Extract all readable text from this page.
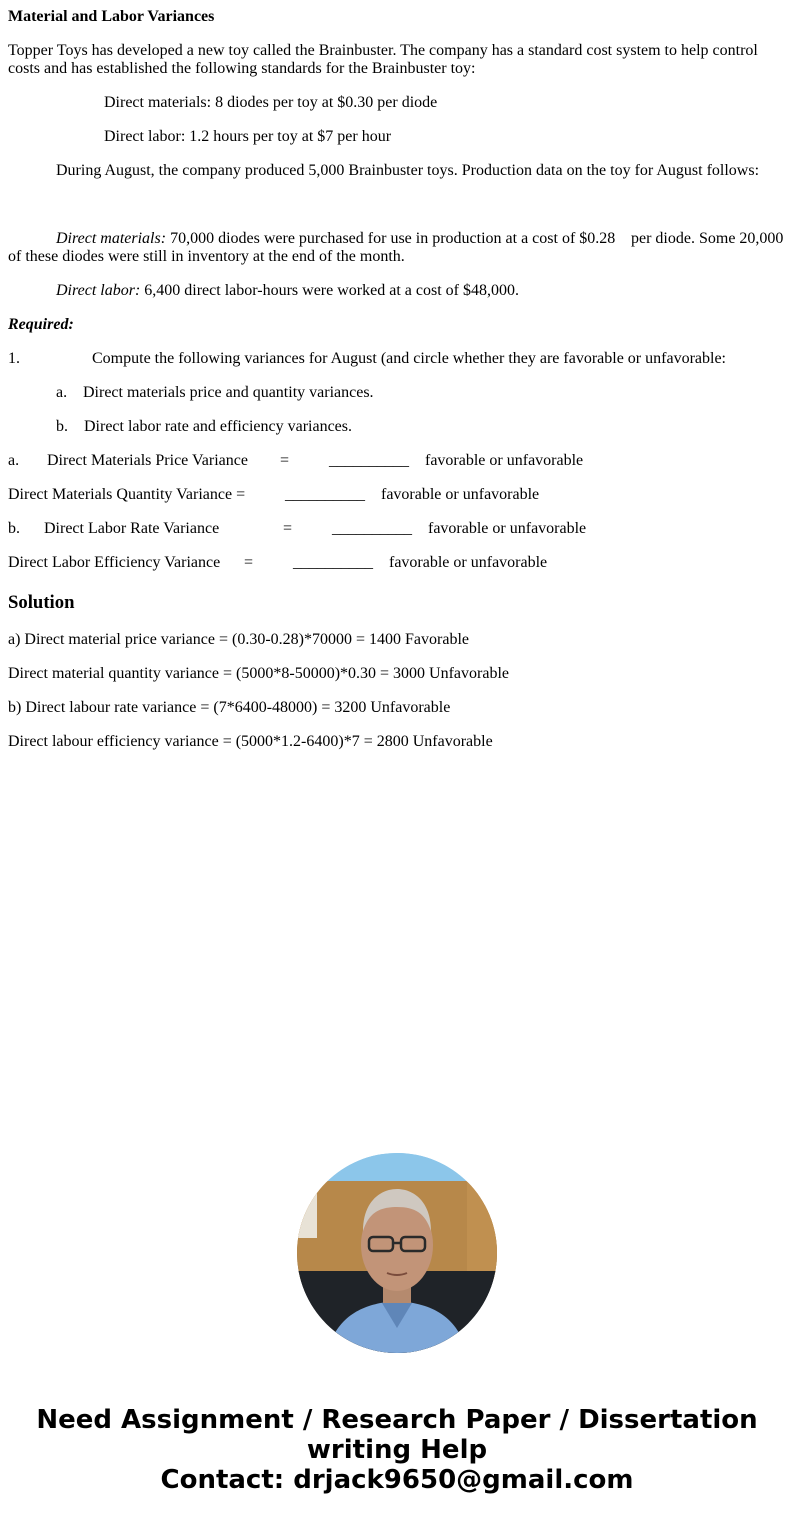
Material and Labor Variances
Topper Toys has developed a new toy called the Brainbuster. The company has a standard cost system to help control costs and has established the following standards for the Brainbuster toy:
Direct materials: 8 diodes per toy at $0.30 per diode
Direct labor: 1.2 hours per toy at $7 per hour
During August, the company produced 5,000 Brainbuster toys. Production data on the toy for August follows:
Direct materials: 70,000 diodes were purchased for use in production at a cost of $0.28 per diode. Some 20,000
of these diodes were still in inventory at the end of the month.
Direct labor: 6,400 direct labor-hours were worked at a cost of $48,000.
Required:
1.	Compute the following variances for August (and circle whether they are favorable or unfavorable:
a. Direct materials price and quantity variances.
b. Direct labor rate and efficiency variances.
a. Direct Materials Price Variance = __________ favorable or unfavorable
Direct Materials Quantity Variance = __________ favorable or unfavorable
b. Direct Labor Rate Variance	= __________ favorable or unfavorable
Direct Labor Efficiency Variance = __________ favorable or unfavorable
Solution
a) Direct material price variance = (0.30-0.28)*70000 = 1400 Favorable
Direct material quantity variance = (5000*8-50000)*0.30 = 3000 Unfavorable
b) Direct labour rate variance = (7*6400-48000) = 3200 Unfavorable
Direct labour efficiency variance = (5000*1.2-6400)*7 = 2800 Unfavorable
Need Assignment / Research Paper / Dissertation
writing Help
Contact: drjack9650@gmail.com
